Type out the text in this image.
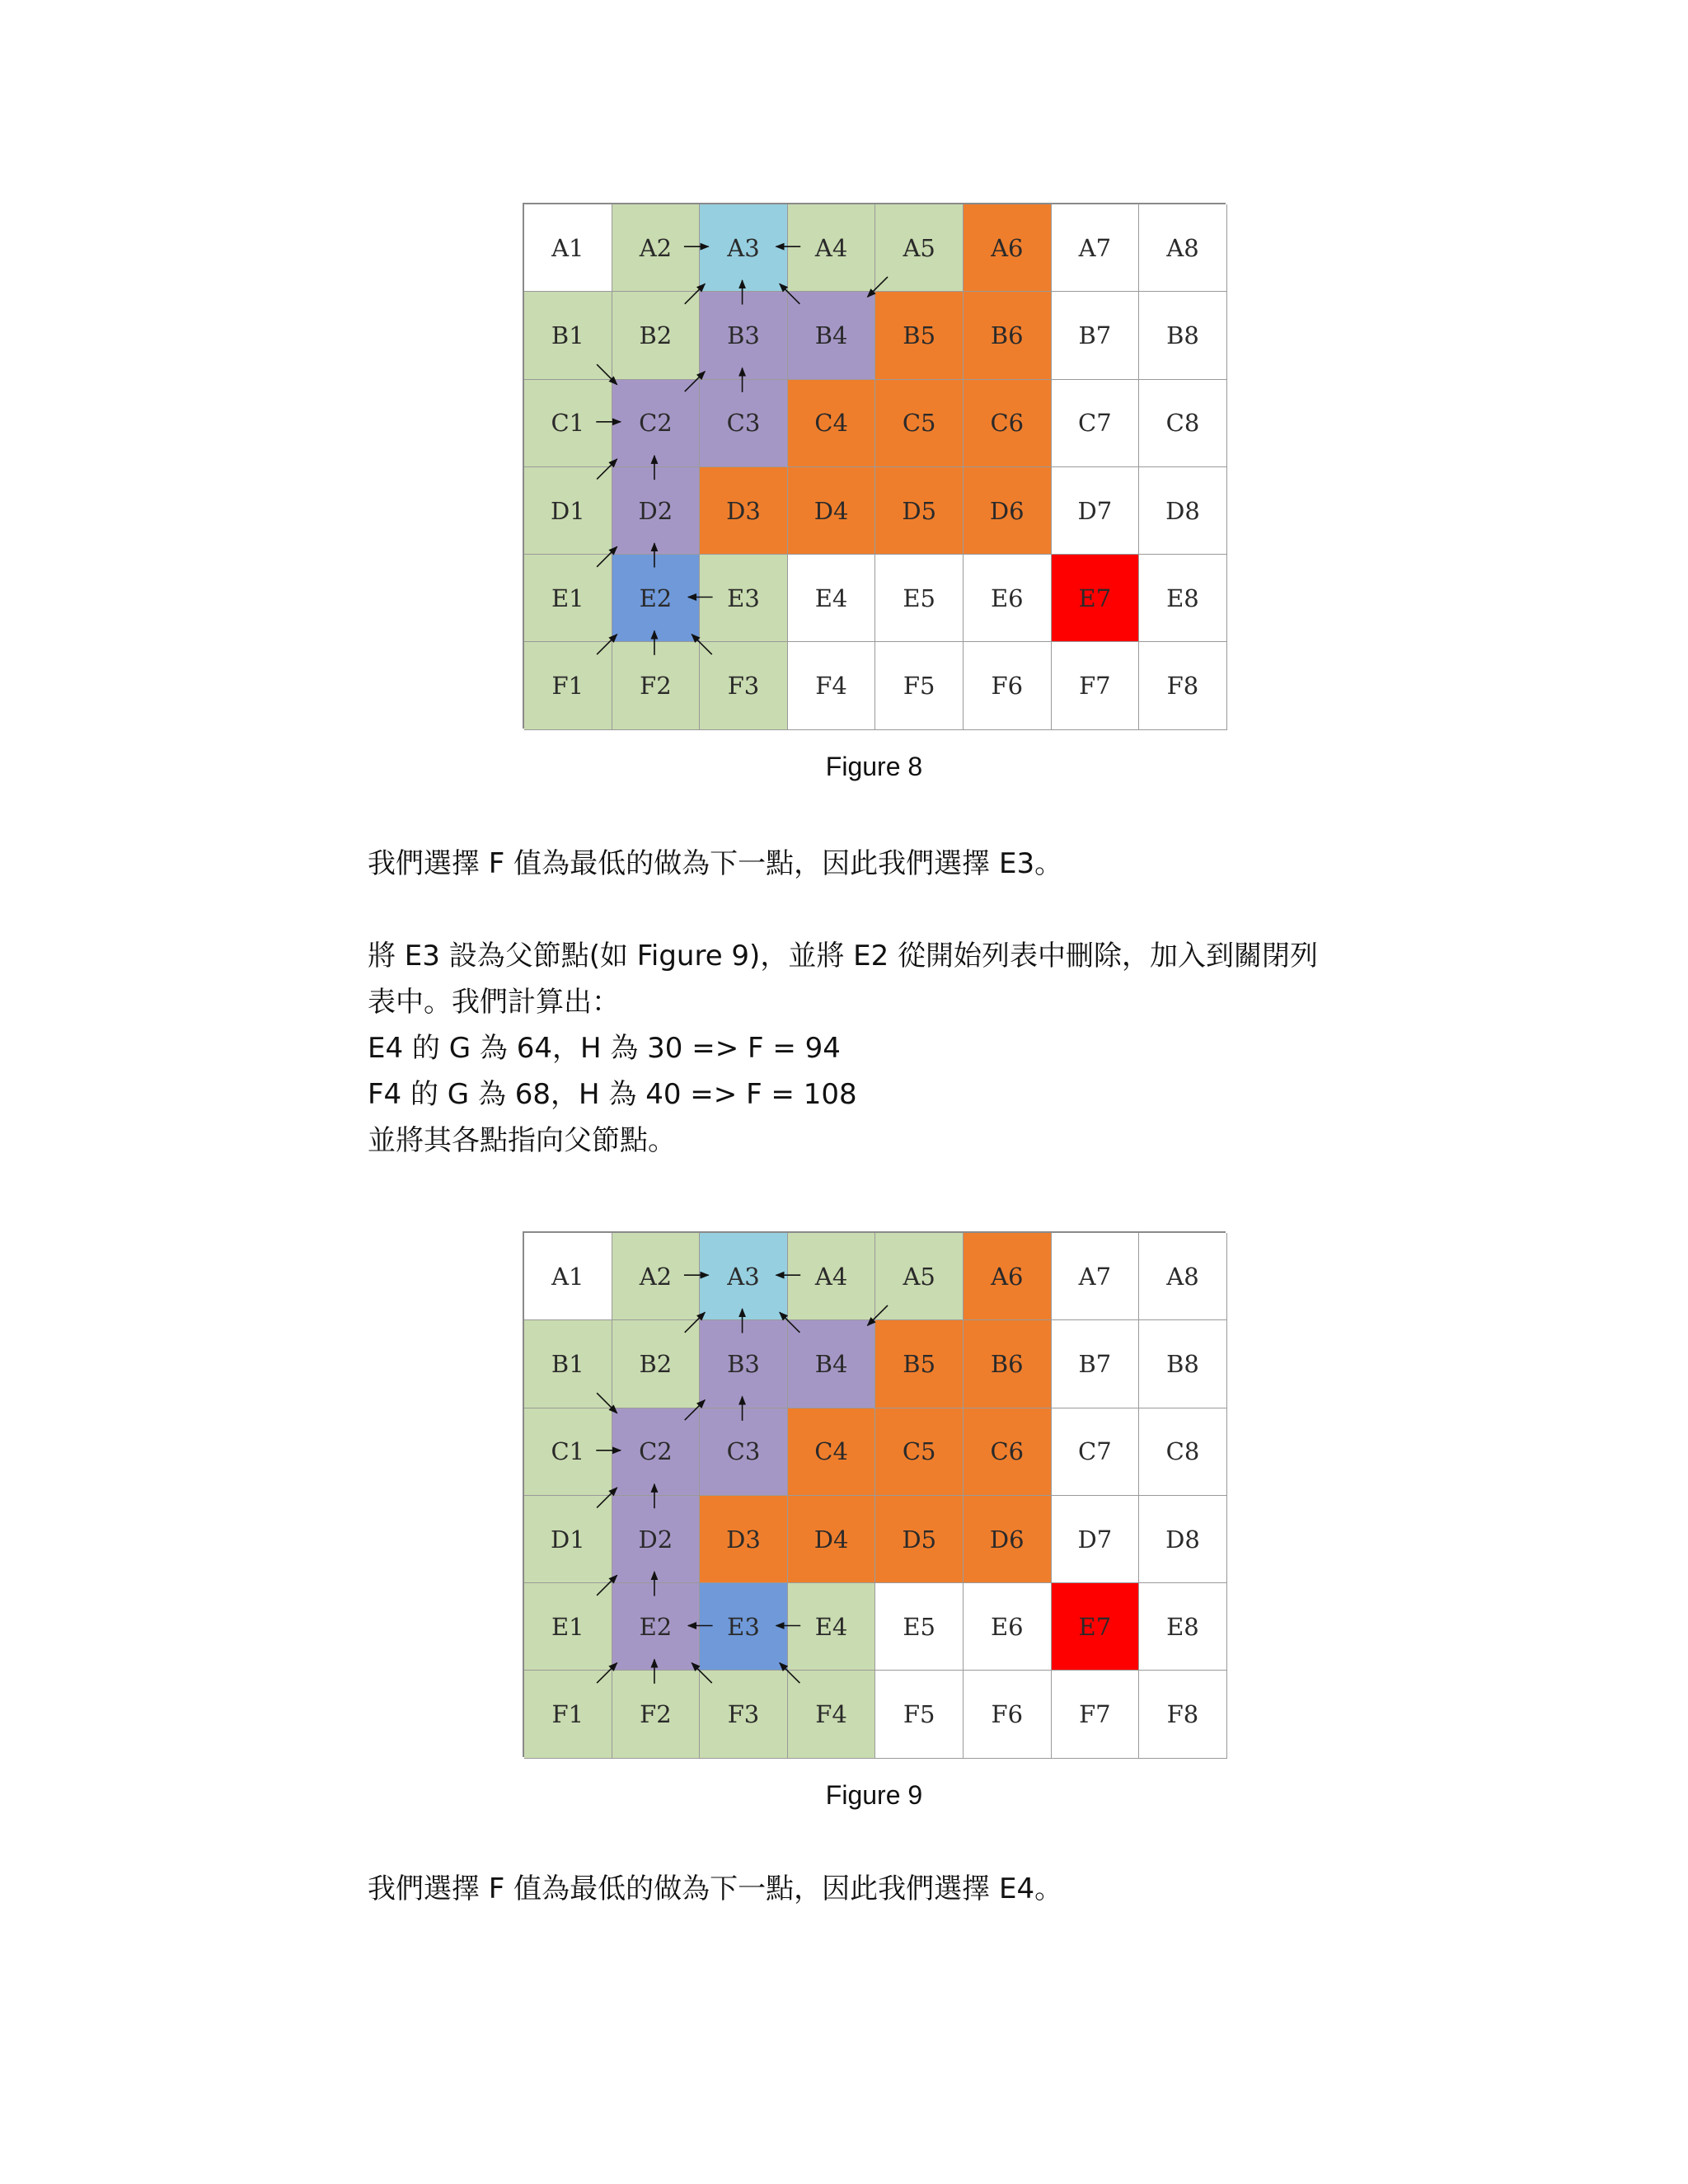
A1	A2	A3	A4	A5	A6	A7	A8
B1	B2	B3	B4	B5	B6	B7	B8
C1	C2	C3	C4	C5	C6	C7	C8
D1	D2	D3	D4	D5	D6	D7	D8
E1	E2	E3	E4	E5	E6	E7	E8
F1	F2	F3	F4	F5	F6	F7	F8
Figure 8
我們選擇 F 值為最低的做為下一點，因此我們選擇 E3。
將 E3 設為父節點(如 Figure 9)，並將 E2 從開始列表中刪除，加入到關閉列
表中。我們計算出：
E4 的 G 為 64，H 為 30 => F = 94
F4 的 G 為 68，H 為 40 => F = 108
並將其各點指向父節點。
A1	A2	A3	A4	A5	A6	A7	A8
B1	B2	B3	B4	B5	B6	B7	B8
C1	C2	C3	C4	C5	C6	C7	C8
D1	D2	D3	D4	D5	D6	D7	D8
E1	E2	E3	E4	E5	E6	E7	E8
F1	F2	F3	F4	F5	F6	F7	F8
Figure 9
我們選擇 F 值為最低的做為下一點，因此我們選擇 E4。
